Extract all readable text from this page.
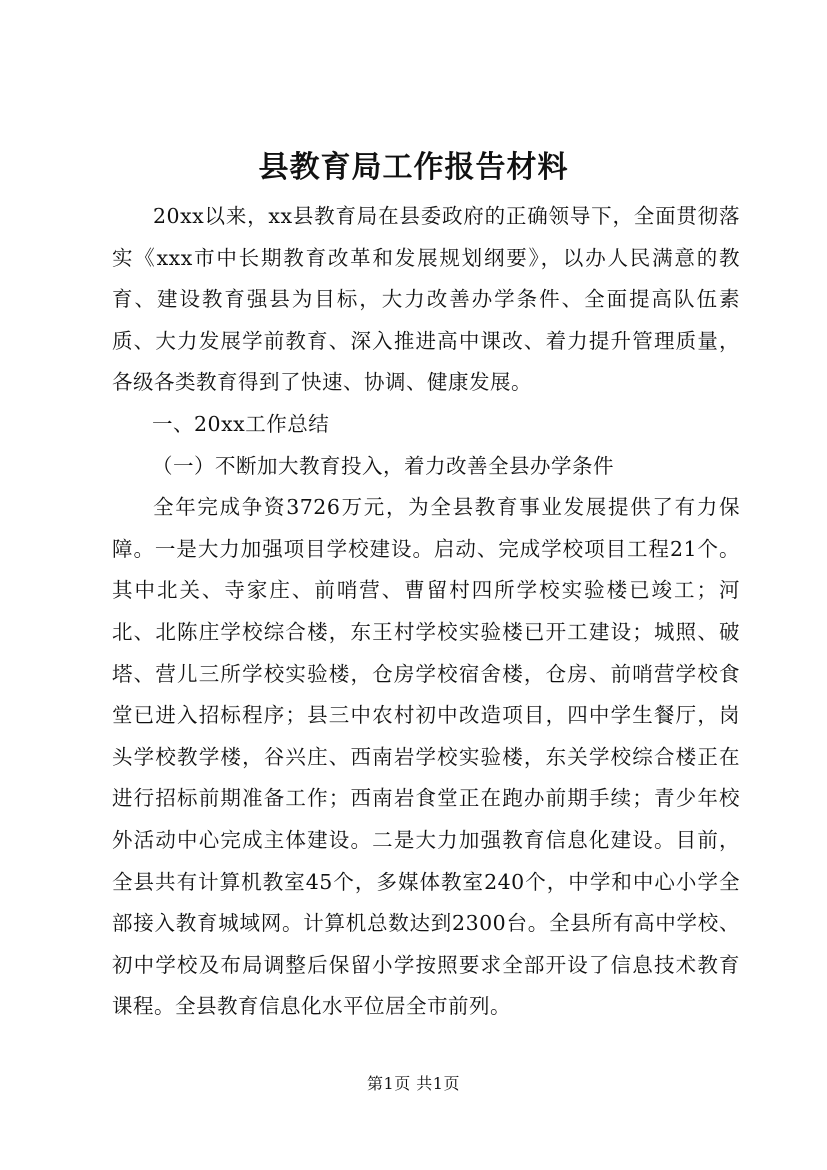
县教育局工作报告材料

20xx以来，xx县教育局在县委政府的正确领导下，全面贯彻落实《xxx市中长期教育改革和发展规划纲要》，以办人民满意的教育、建设教育强县为目标，大力改善办学条件、全面提高队伍素质、大力发展学前教育、深入推进高中课改、着力提升管理质量，各级各类教育得到了快速、协调、健康发展。

一、20xx工作总结

（一）不断加大教育投入，着力改善全县办学条件

全年完成争资3726万元，为全县教育事业发展提供了有力保障。一是大力加强项目学校建设。启动、完成学校项目工程21个。其中北关、寺家庄、前哨营、曹留村四所学校实验楼已竣工；河北、北陈庄学校综合楼，东王村学校实验楼已开工建设；城照、破塔、营儿三所学校实验楼，仓房学校宿舍楼，仓房、前哨营学校食堂已进入招标程序；县三中农村初中改造项目，四中学生餐厅，岗头学校教学楼，谷兴庄、西南岩学校实验楼，东关学校综合楼正在进行招标前期准备工作；西南岩食堂正在跑办前期手续；青少年校外活动中心完成主体建设。二是大力加强教育信息化建设。目前，全县共有计算机教室45个，多媒体教室240个，中学和中心小学全部接入教育城域网。计算机总数达到2300台。全县所有高中学校、初中学校及布局调整后保留小学按照要求全部开设了信息技术教育课程。全县教育信息化水平位居全市前列。

第1页 共1页
